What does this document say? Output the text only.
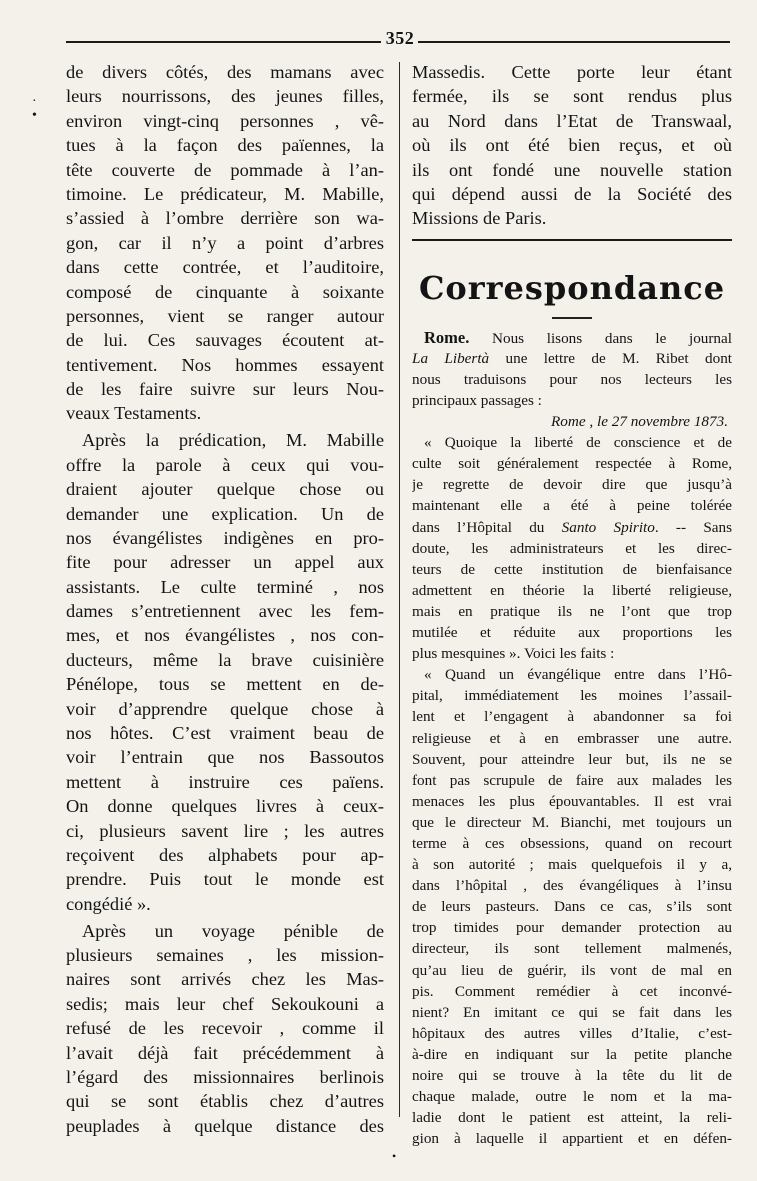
352
·
•
de divers côtés, des mamans avec
leurs nourrissons, des jeunes filles,
environ vingt-cinq personnes , vê-
tues à la façon des païennes, la
tête couverte de pommade à l’an-
timoine. Le prédicateur, M. Mabille,
s’assied à l’ombre derrière son wa-
gon, car il n’y a point d’arbres
dans cette contrée, et l’auditoire,
composé de cinquante à soixante
personnes, vient se ranger autour
de lui. Ces sauvages écoutent at-
tentivement. Nos hommes essayent
de les faire suivre sur leurs Nou-
veaux Testaments.
Après la prédication, M. Mabille
offre la parole à ceux qui vou-
draient ajouter quelque chose ou
demander une explication. Un de
nos évangélistes indigènes en pro-
fite pour adresser un appel aux
assistants. Le culte terminé , nos
dames s’entretiennent avec les fem-
mes, et nos évangélistes , nos con-
ducteurs, même la brave cuisinière
Pénélope, tous se mettent en de-
voir d’apprendre quelque chose à
nos hôtes. C’est vraiment beau de
voir l’entrain que nos Bassoutos
mettent à instruire ces païens.
On donne quelques livres à ceux-
ci, plusieurs savent lire ; les autres
reçoivent des alphabets pour ap-
prendre. Puis tout le monde est
congédié ».
Après un voyage pénible de
plusieurs semaines , les mission-
naires sont arrivés chez les Mas-
sedis; mais leur chef Sekoukouni a
refusé de les recevoir , comme il
l’avait déjà fait précédemment à
l’égard des missionnaires berlinois
qui se sont établis chez d’autres
peuplades à quelque distance des
Massedis. Cette porte leur étant
fermée, ils se sont rendus plus
au Nord dans l’Etat de Transwaal,
où ils ont été bien reçus, et où
ils ont fondé une nouvelle station
qui dépend aussi de la Société des
Missions de Paris.
Correspondance
Rome. Nous lisons dans le journal
La Libertà une lettre de M. Ribet dont
nous traduisons pour nos lecteurs les
principaux passages :
Rome , le 27 novembre 1873.
« Quoique la liberté de conscience et de
culte soit généralement respectée à Rome,
je regrette de devoir dire que jusqu’à
maintenant elle a été à peine tolérée
dans l’Hôpital du Santo Spirito. -- Sans
doute, les administrateurs et les direc-
teurs de cette institution de bienfaisance
admettent en théorie la liberté religieuse,
mais en pratique ils ne l’ont que trop
mutilée et réduite aux proportions les
plus mesquines ». Voici les faits :
« Quand un évangélique entre dans l’Hô-
pital, immédiatement les moines l’assail-
lent et l’engagent à abandonner sa foi
religieuse et à en embrasser une autre.
Souvent, pour atteindre leur but, ils ne se
font pas scrupule de faire aux malades les
menaces les plus épouvantables. Il est vrai
que le directeur M. Bianchi, met toujours un
terme à ces obsessions, quand on recourt
à son autorité ; mais quelquefois il y a,
dans l’hôpital , des évangéliques à l’insu
de leurs pasteurs. Dans ce cas, s’ils sont
trop timides pour demander protection au
directeur, ils sont tellement malmenés,
qu’au lieu de guérir, ils vont de mal en
pis. Comment remédier à cet inconvé-
nient? En imitant ce qui se fait dans les
hôpitaux des autres villes d’Italie, c’est-
à-dire en indiquant sur la petite planche
noire qui se trouve à la tête du lit de
chaque malade, outre le nom et la ma-
ladie dont le patient est atteint, la reli-
gion à laquelle il appartient et en défen-
•
